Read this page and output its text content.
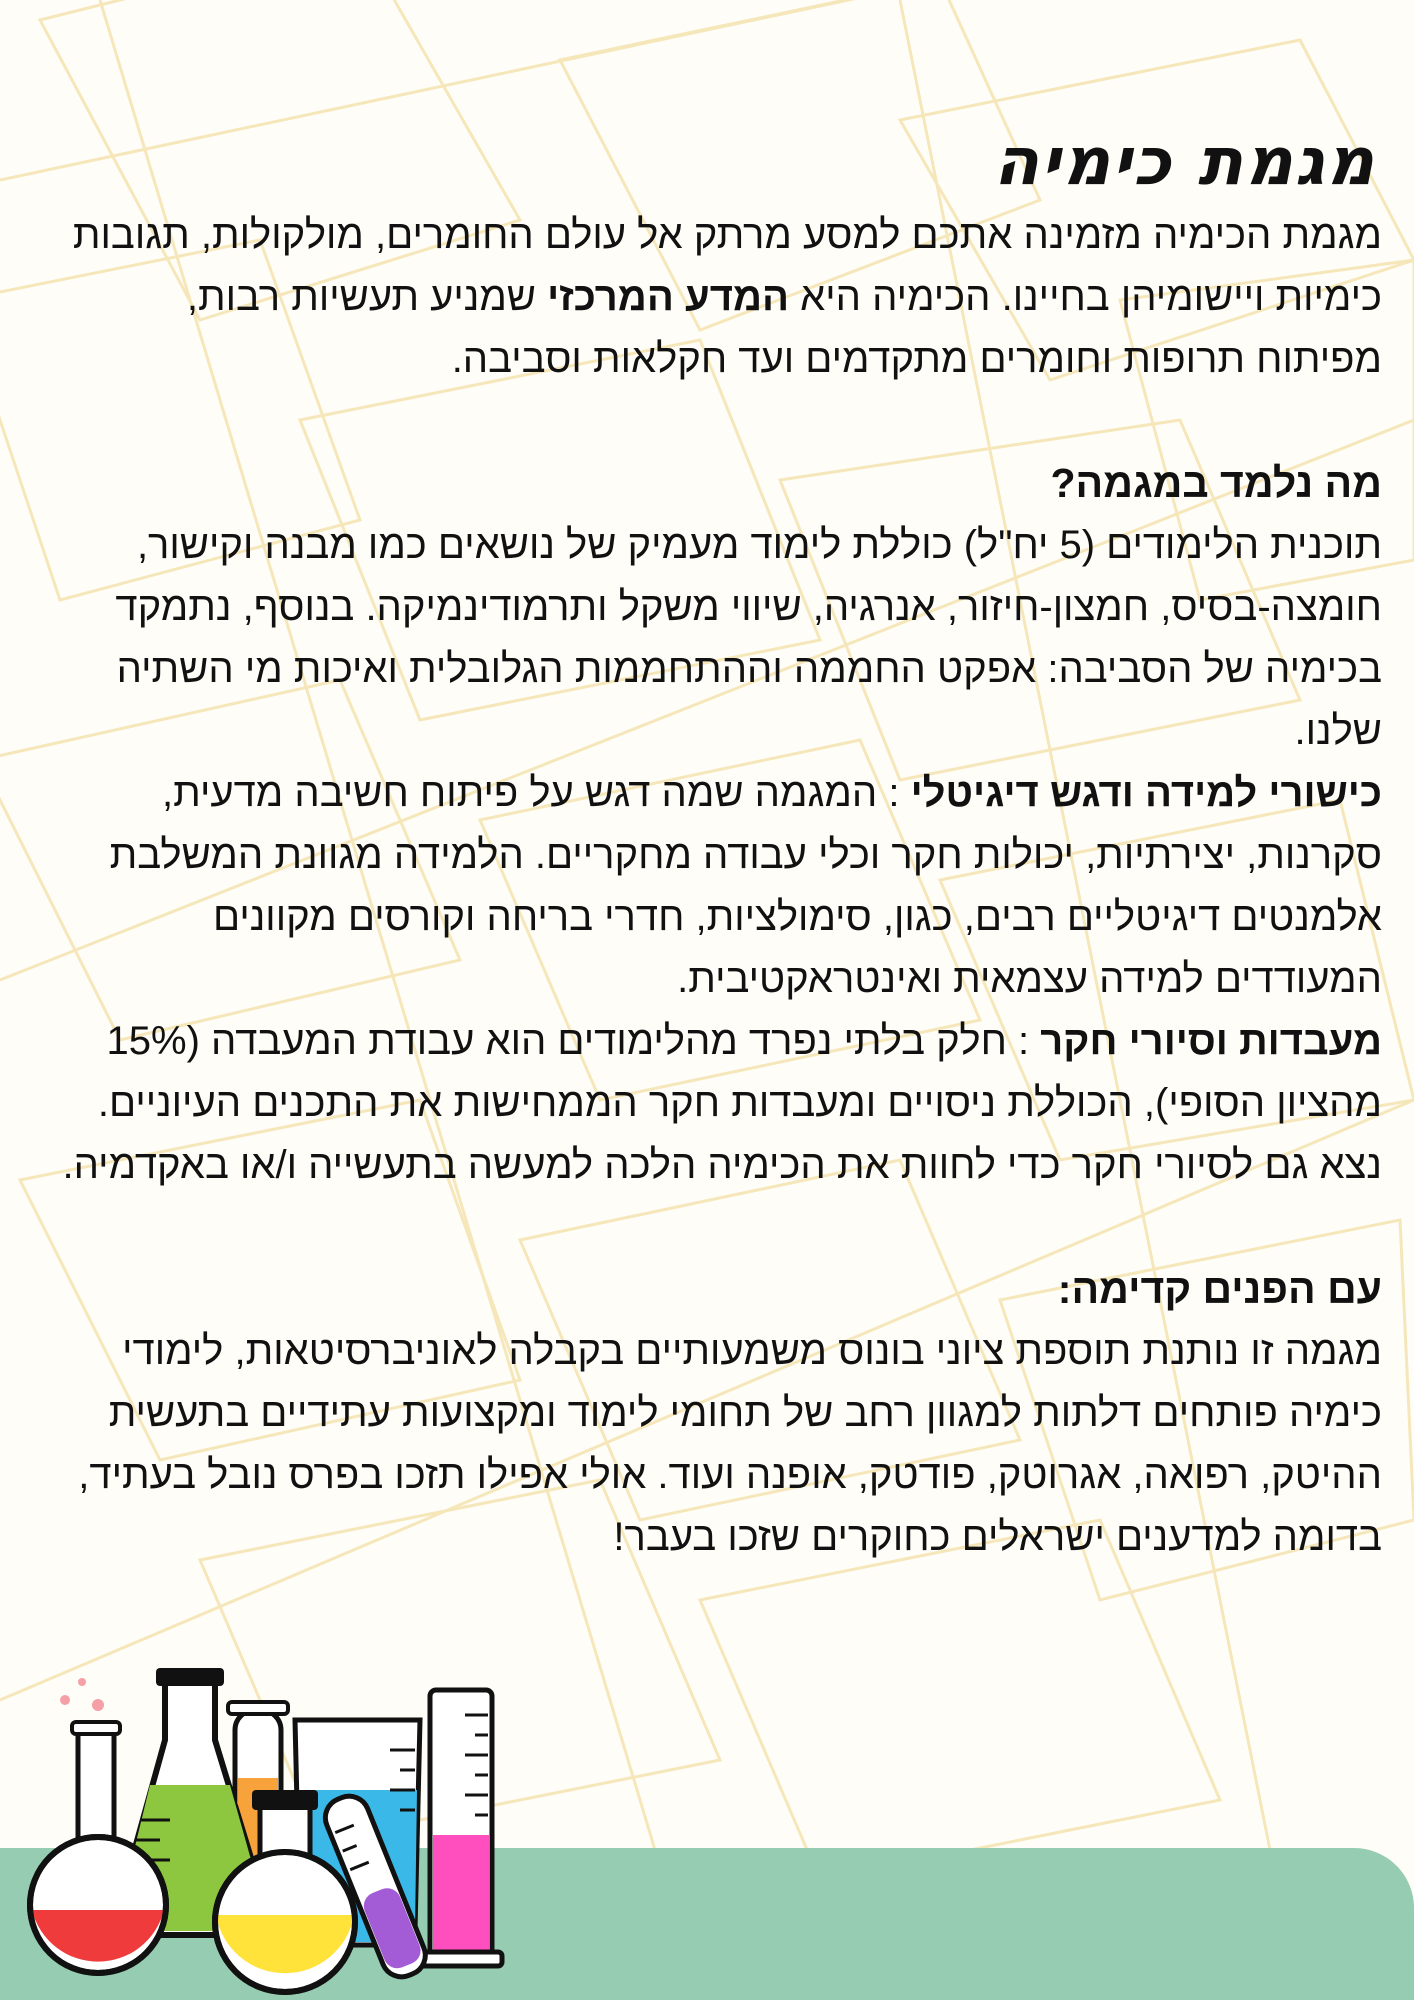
מגמת כימיה

מגמת הכימיה מזמינה אתכם למסע מרתק אל עולם החומרים, מולקולות, תגובות כימיות ויישומיהן בחיינו. הכימיה היא המדע המרכזי שמניע תעשיות רבות, מפיתוח תרופות וחומרים מתקדמים ועד חקלאות וסביבה.

מה נלמד במגמה?

תוכנית הלימודים (5 יח"ל) כוללת לימוד מעמיק של נושאים כמו מבנה וקישור, חומצה-בסיס, חמצון-חיזור, אנרגיה, שיווי משקל ותרמודינמיקה. בנוסף, נתמקד בכימיה של הסביבה: אפקט החממה וההתחממות הגלובלית ואיכות מי השתיה שלנו.

כישורי למידה ודגש דיגיטלי : המגמה שמה דגש על פיתוח חשיבה מדעית, סקרנות, יצירתיות, יכולות חקר וכלי עבודה מחקריים. הלמידה מגוונת המשלבת אלמנטים דיגיטליים רבים, כגון, סימולציות, חדרי בריחה וקורסים מקוונים המעודדים למידה עצמאית ואינטראקטיבית.

מעבדות וסיורי חקר : חלק בלתי נפרד מהלימודים הוא עבודת המעבדה (15% מהציון הסופי), הכוללת ניסויים ומעבדות חקר הממחישות את התכנים העיוניים. נצא גם לסיורי חקר כדי לחוות את הכימיה הלכה למעשה בתעשייה ו/או באקדמיה.

עם הפנים קדימה:

מגמה זו נותנת תוספת ציוני בונוס משמעותיים בקבלה לאוניברסיטאות, לימודי כימיה פותחים דלתות למגוון רחב של תחומי לימוד ומקצועות עתידיים בתעשית ההיטק, רפואה, אגרוטק, פודטק, אופנה ועוד. אולי אפילו תזכו בפרס נובל בעתיד, בדומה למדענים ישראלים כחוקרים שזכו בעבר!
